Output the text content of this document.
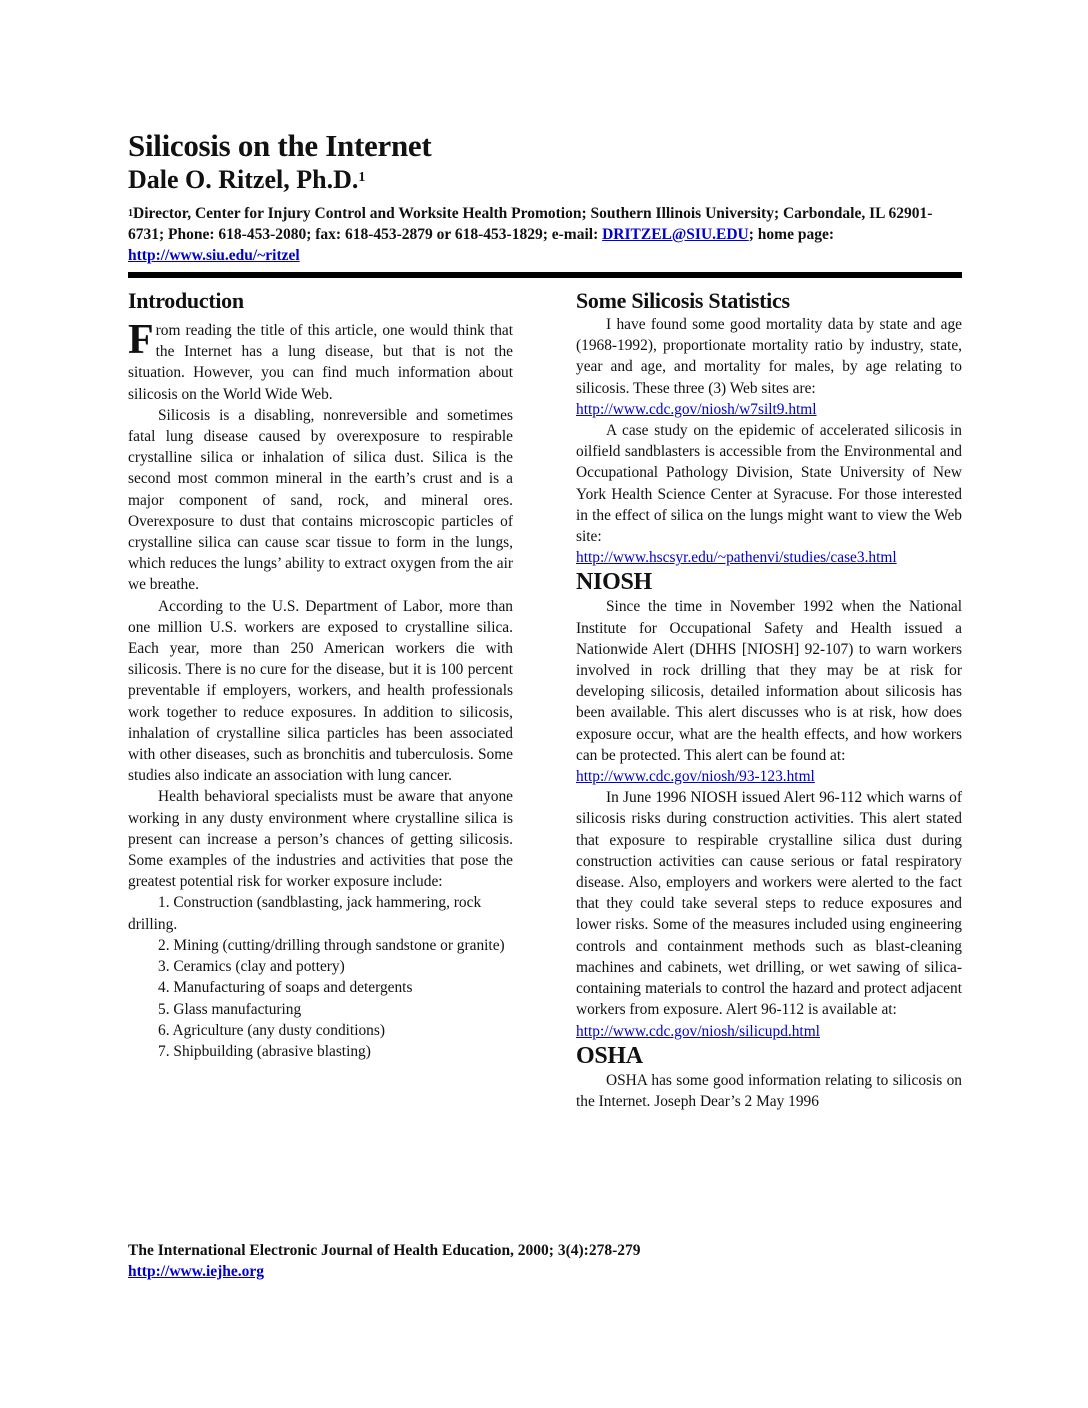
Silicosis on the Internet
Dale O. Ritzel, Ph.D.$^1$
$^1$Director, Center for Injury Control and Worksite Health Promotion; Southern Illinois University; Carbondale, IL 62901-6731; Phone: 618-453-2080; fax: 618-453-2879 or 618-453-1829; e-mail: DRITZEL@SIU.EDU; home page:http://www.siu.edu/~ritzel
Introduction

From reading the title of this article, one would think that the Internet has a lung disease, but that is not the situation. However, you can find much information about silicosis on the World Wide Web.

Silicosis is a disabling, nonreversible and sometimes fatal lung disease caused by overexposure to respirable crystalline silica or inhalation of silica dust. Silica is the second most common mineral in the earth’s crust and is a major component of sand, rock, and mineral ores. Overexposure to dust that contains microscopic particles of crystalline silica can cause scar tissue to form in the lungs, which reduces the lungs’ ability to extract oxygen from the air we breathe.

According to the U.S. Department of Labor, more than one million U.S. workers are exposed to crystalline silica. Each year, more than 250 American workers die with silicosis. There is no cure for the disease, but it is 100 percent preventable if employers, workers, and health professionals work together to reduce exposures. In addition to silicosis, inhalation of crystalline silica particles has been associated with other diseases, such as bronchitis and tuberculosis. Some studies also indicate an association with lung cancer.

Health behavioral specialists must be aware that anyone working in any dusty environment where crystalline silica is present can increase a person’s chances of getting silicosis. Some examples of the industries and activities that pose the greatest potential risk for worker exposure include:

1. Construction (sandblasting, jack hammering, rock drilling.
2. Mining (cutting/drilling through sandstone or granite)
3. Ceramics (clay and pottery)
4. Manufacturing of soaps and detergents
5. Glass manufacturing
6. Agriculture (any dusty conditions)
7. Shipbuilding (abrasive blasting)
Some Silicosis Statistics

I have found some good mortality data by state and age (1968-1992), proportionate mortality ratio by industry, state, year and age, and mortality for males, by age relating to silicosis. These three (3) Web sites are:

http://www.cdc.gov/niosh/w7silt9.html

A case study on the epidemic of accelerated silicosis in oilfield sandblasters is accessible from the Environmental and Occupational Pathology Division, State University of New York Health Science Center at Syracuse. For those interested in the effect of silica on the lungs might want to view the Web site:

http://www.hscsyr.edu/~pathenvi/studies/case3.html
NIOSH

Since the time in November 1992 when the National Institute for Occupational Safety and Health issued a Nationwide Alert (DHHS [NIOSH] 92-107) to warn workers involved in rock drilling that they may be at risk for developing silicosis, detailed information about silicosis has been available. This alert discusses who is at risk, how does exposure occur, what are the health effects, and how workers can be protected. This alert can be found at:

http://www.cdc.gov/niosh/93-123.html

In June 1996 NIOSH issued Alert 96-112 which warns of silicosis risks during construction activities. This alert stated that exposure to respirable crystalline silica dust during construction activities can cause serious or fatal respiratory disease. Also, employers and workers were alerted to the fact that they could take several steps to reduce exposures and lower risks. Some of the measures included using engineering controls and containment methods such as blast-cleaning machines and cabinets, wet drilling, or wet sawing of silica-containing materials to control the hazard and protect adjacent workers from exposure. Alert 96-112 is available at:

http://www.cdc.gov/niosh/silicupd.html
OSHA

OSHA has some good information relating to silicosis on the Internet. Joseph Dear’s 2 May 1996

The International Electronic Journal of Health Education, 2000; 3(4):278-279
http://www.iejhe.org
